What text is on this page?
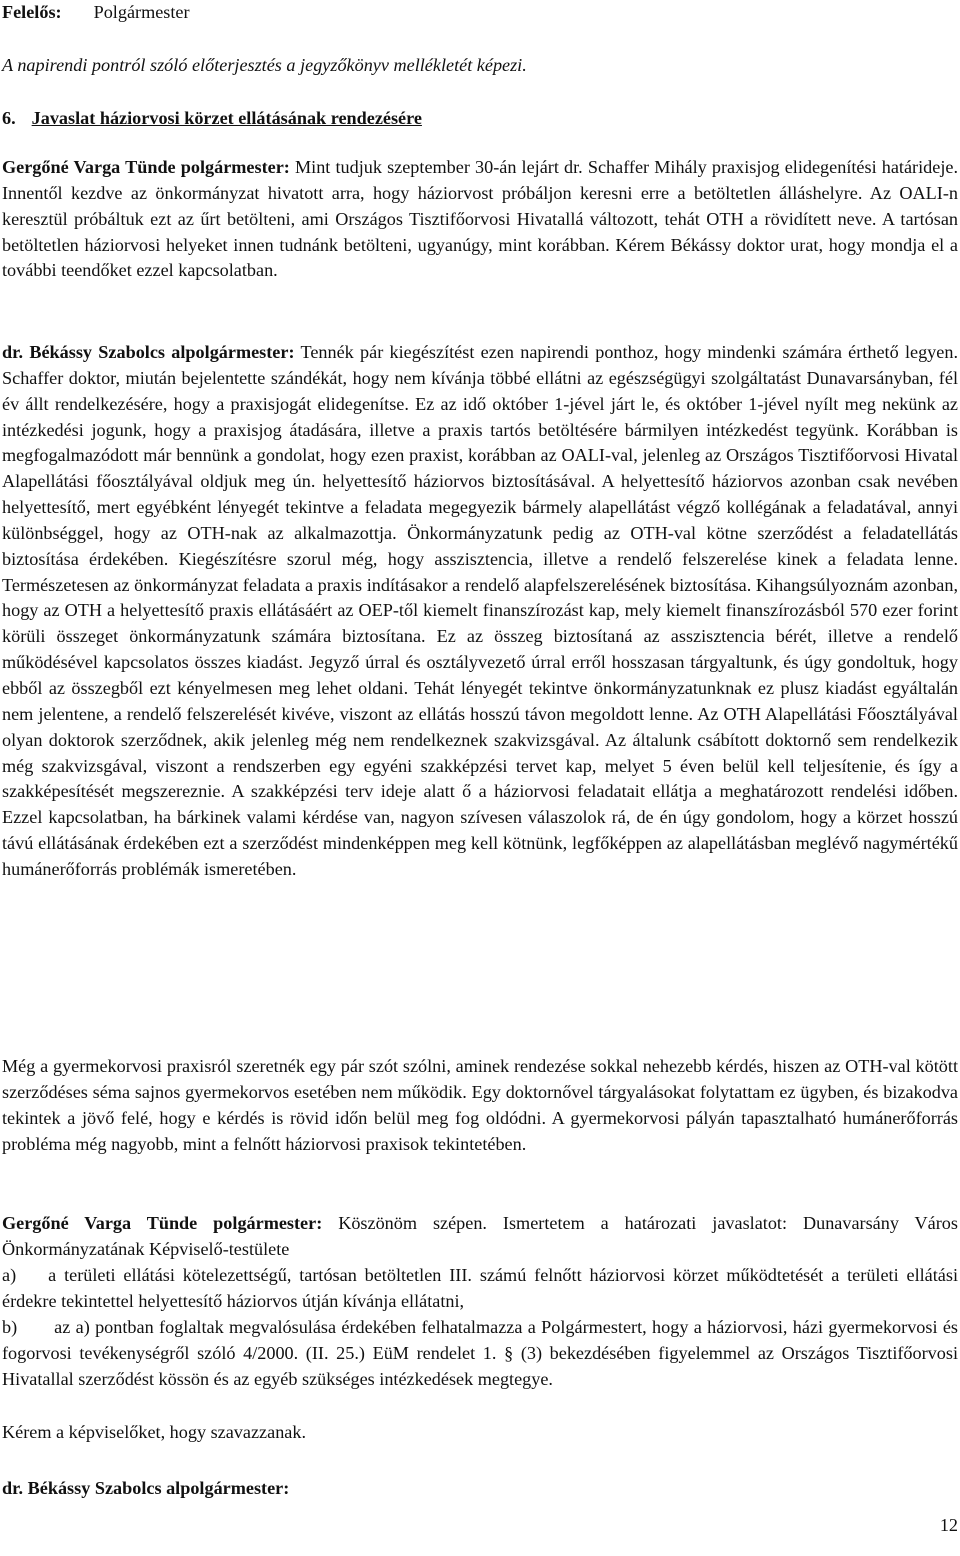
Felelős: Polgármester

A napirendi pontról szóló előterjesztés a jegyzőkönyv mellékletét képezi.

6. Javaslat háziorvosi körzet ellátásának rendezésére

Gergőné Varga Tünde polgármester: Mint tudjuk szeptember 30-án lejárt dr. Schaffer Mihály praxisjog elidegenítési határideje. Innentől kezdve az önkormányzat hivatott arra, hogy háziorvost próbáljon keresni erre a betöltetlen álláshelyre. Az OALI-n keresztül próbáltuk ezt az űrt betölteni, ami Országos Tisztifőorvosi Hivatallá változott, tehát OTH a rövidített neve. A tartósan betöltetlen háziorvosi helyeket innen tudnánk betölteni, ugyanúgy, mint korábban. Kérem Békássy doktor urat, hogy mondja el a további teendőket ezzel kapcsolatban.

dr. Békássy Szabolcs alpolgármester: Tennék pár kiegészítést ezen napirendi ponthoz, hogy mindenki számára érthető legyen. Schaffer doktor, miután bejelentette szándékát, hogy nem kívánja többé ellátni az egészségügyi szolgáltatást Dunavarsányban, fél év állt rendelkezésére, hogy a praxisjogát elidegenítse. Ez az idő október 1-jével járt le, és október 1-jével nyílt meg nekünk az intézkedési jogunk, hogy a praxisjog átadására, illetve a praxis tartós betöltésére bármilyen intézkedést tegyünk. Korábban is megfogalmazódott már bennünk a gondolat, hogy ezen praxist, korábban az OALI-val, jelenleg az Országos Tisztifőorvosi Hivatal Alapellátási főosztályával oldjuk meg ún. helyettesítő háziorvos biztosításával. A helyettesítő háziorvos azonban csak nevében helyettesítő, mert egyébként lényegét tekintve a feladata megegyezik bármely alapellátást végző kollégának a feladatával, annyi különbséggel, hogy az OTH-nak az alkalmazottja. Önkormányzatunk pedig az OTH-val kötne szerződést a feladatellátás biztosítása érdekében. Kiegészítésre szorul még, hogy asszisztencia, illetve a rendelő felszerelése kinek a feladata lenne. Természetesen az önkormányzat feladata a praxis indításakor a rendelő alapfelszerelésének biztosítása. Kihangsúlyoznám azonban, hogy az OTH a helyettesítő praxis ellátásáért az OEP-től kiemelt finanszírozást kap, mely kiemelt finanszírozásból 570 ezer forint körüli összeget önkormányzatunk számára biztosítana. Ez az összeg biztosítaná az asszisztencia bérét, illetve a rendelő működésével kapcsolatos összes kiadást. Jegyző úrral és osztályvezető úrral erről hosszasan tárgyaltunk, és úgy gondoltuk, hogy ebből az összegből ezt kényelmesen meg lehet oldani. Tehát lényegét tekintve önkormányzatunknak ez plusz kiadást egyáltalán nem jelentene, a rendelő felszerelését kivéve, viszont az ellátás hosszú távon megoldott lenne. Az OTH Alapellátási Főosztályával olyan doktorok szerződnek, akik jelenleg még nem rendelkeznek szakvizsgával. Az általunk csábított doktornő sem rendelkezik még szakvizsgával, viszont a rendszerben egy egyéni szakképzési tervet kap, melyet 5 éven belül kell teljesítenie, és így a szakképesítését megszereznie. A szakképzési terv ideje alatt ő a háziorvosi feladatait ellátja a meghatározott rendelési időben. Ezzel kapcsolatban, ha bárkinek valami kérdése van, nagyon szívesen válaszolok rá, de én úgy gondolom, hogy a körzet hosszú távú ellátásának érdekében ezt a szerződést mindenképpen meg kell kötnünk, legfőképpen az alapellátásban meglévő nagymértékű humánerőforrás problémák ismeretében.

Még a gyermekorvosi praxisról szeretnék egy pár szót szólni, aminek rendezése sokkal nehezebb kérdés, hiszen az OTH-val kötött szerződéses séma sajnos gyermekorvos esetében nem működik. Egy doktornővel tárgyalásokat folytattam ez ügyben, és bizakodva tekintek a jövő felé, hogy e kérdés is rövid időn belül meg fog oldódni. A gyermekorvosi pályán tapasztalható humánerőforrás probléma még nagyobb, mint a felnőtt háziorvosi praxisok tekintetében.

Gergőné Varga Tünde polgármester: Köszönöm szépen. Ismertetem a határozati javaslatot: Dunavarsány Város Önkormányzatának Képviselő-testülete

a) a területi ellátási kötelezettségű, tartósan betöltetlen III. számú felnőtt háziorvosi körzet működtetését a területi ellátási érdekre tekintettel helyettesítő háziorvos útján kívánja ellátatni,

b) az a) pontban foglaltak megvalósulása érdekében felhatalmazza a Polgármestert, hogy a háziorvosi, házi gyermekorvosi és fogorvosi tevékenységről szóló 4/2000. (II. 25.) EüM rendelet 1. § (3) bekezdésében figyelemmel az Országos Tisztifőorvosi Hivatallal szerződést kössön és az egyéb szükséges intézkedések megtegye.

Kérem a képviselőket, hogy szavazzanak.

dr. Békássy Szabolcs alpolgármester:

12
